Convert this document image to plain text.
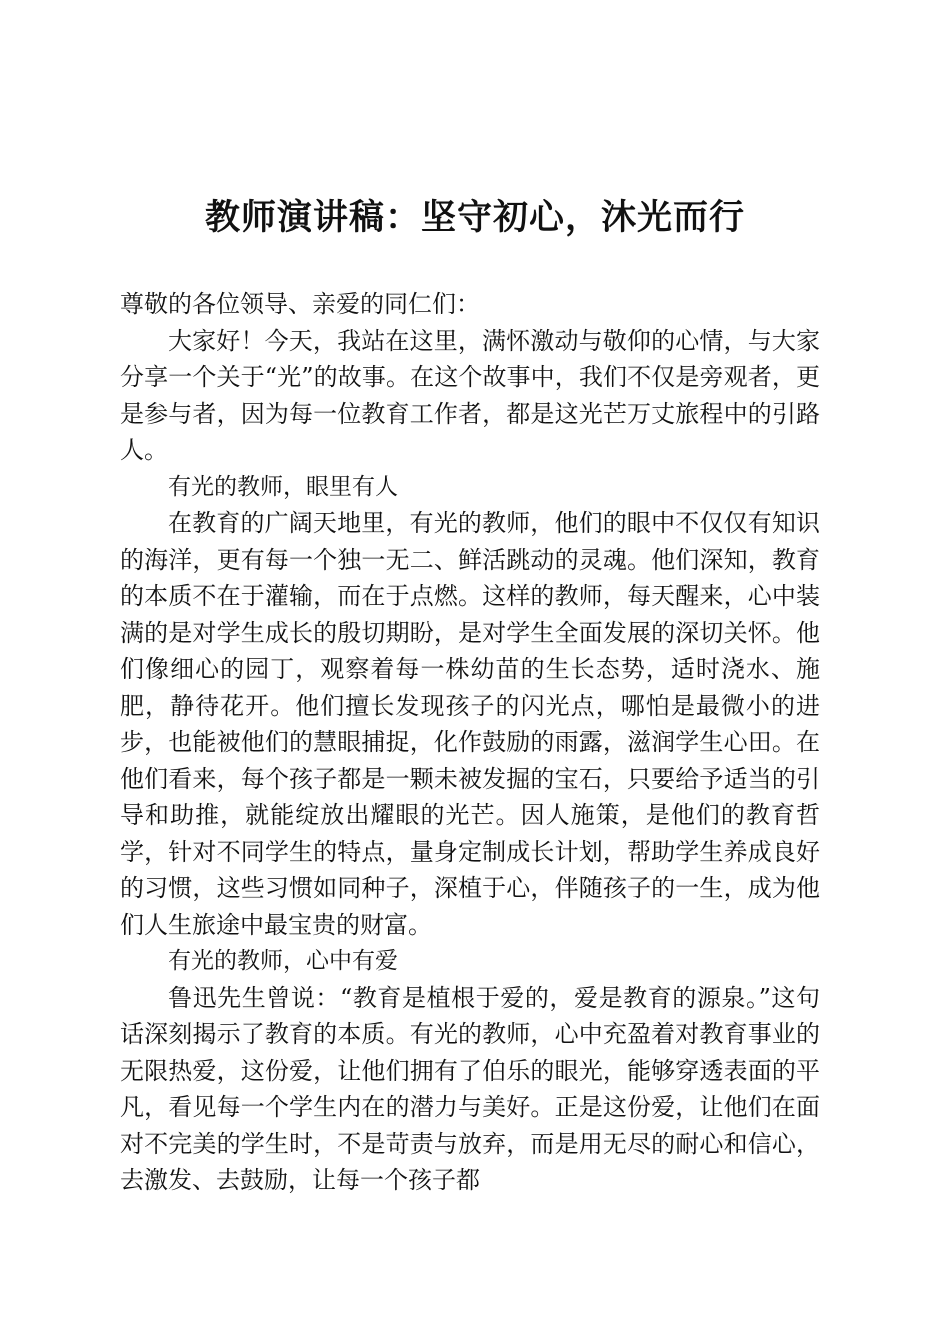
教师演讲稿：坚守初心，沐光而行

尊敬的各位领导、亲爱的同仁们：

大家好！今天，我站在这里，满怀激动与敬仰的心情，与大家分享一个关于“光”的故事。在这个故事中，我们不仅是旁观者，更是参与者，因为每一位教育工作者，都是这光芒万丈旅程中的引路人。

有光的教师，眼里有人

在教育的广阔天地里，有光的教师，他们的眼中不仅仅有知识的海洋，更有每一个独一无二、鲜活跳动的灵魂。他们深知，教育的本质不在于灌输，而在于点燃。这样的教师，每天醒来，心中装满的是对学生成长的殷切期盼，是对学生全面发展的深切关怀。他们像细心的园丁，观察着每一株幼苗的生长态势，适时浇水、施肥，静待花开。他们擅长发现孩子的闪光点，哪怕是最微小的进步，也能被他们的慧眼捕捉，化作鼓励的雨露，滋润学生心田。在他们看来，每个孩子都是一颗未被发掘的宝石，只要给予适当的引导和助推，就能绽放出耀眼的光芒。因人施策，是他们的教育哲学，针对不同学生的特点，量身定制成长计划，帮助学生养成良好的习惯，这些习惯如同种子，深植于心，伴随孩子的一生，成为他们人生旅途中最宝贵的财富。

有光的教师，心中有爱

鲁迅先生曾说：“教育是植根于爱的，爱是教育的源泉。”这句话深刻揭示了教育的本质。有光的教师，心中充盈着对教育事业的无限热爱，这份爱，让他们拥有了伯乐的眼光，能够穿透表面的平凡，看见每一个学生内在的潜力与美好。正是这份爱，让他们在面对不完美的学生时，不是苛责与放弃，而是用无尽的耐心和信心，去激发、去鼓励，让每一个孩子都
